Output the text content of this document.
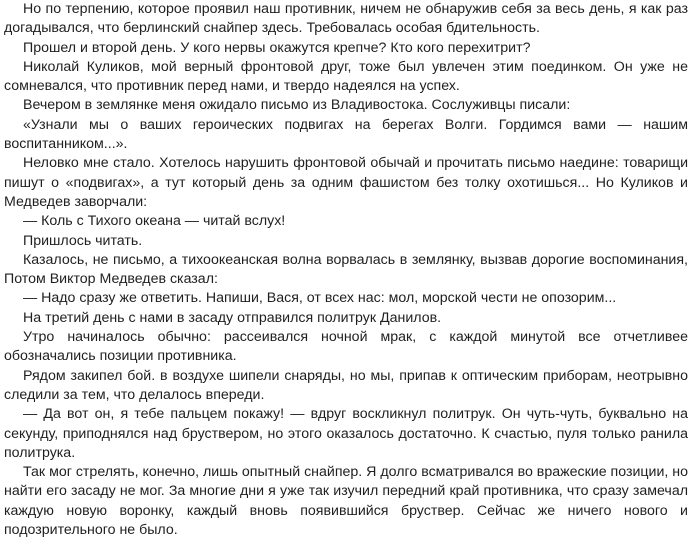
Но по терпению, которое проявил наш противник, ничем не обнаружив себя за весь день, я как раз догадывался, что берлинский снайпер здесь. Требовалась особая бдительность.

Прошел и второй день. У кого нервы окажутся крепче? Кто кого перехитрит?

Николай Куликов, мой верный фронтовой друг, тоже был увлечен этим поединком. Он уже не сомневался, что противник перед нами, и твердо надеялся на успех.

Вечером в землянке меня ожидало письмо из Владивостока. Сослуживцы писали:

«Узнали мы о ваших героических подвигах на берегах Волги. Гордимся вами — нашим воспитанником...».

Неловко мне стало. Хотелось нарушить фронтовой обычай и прочитать письмо наедине: товарищи пишут о «подвигах», а тут который день за одним фашистом без толку охотишься... Но Куликов и Медведев заворчали:

— Коль с Тихого океана — читай вслух!

Пришлось читать.

Казалось, не письмо, а тихоокеанская волна ворвалась в землянку, вызвав дорогие воспоминания, Потом Виктор Медведев сказал:

— Надо сразу же ответить. Напиши, Вася, от всех нас: мол, морской чести не опозорим...

На третий день с нами в засаду отправился политрук Данилов.

Утро начиналось обычно: рассеивался ночной мрак, с каждой минутой все отчетливее обозначались позиции противника.

Рядом закипел бой. в воздухе шипели снаряды, но мы, припав к оптическим приборам, неотрывно следили за тем, что делалось впереди.

— Да вот он, я тебе пальцем покажу! — вдруг воскликнул политрук. Он чуть-чуть, буквально на секунду, приподнялся над бруствером, но этого оказалось достаточно. К счастью, пуля только ранила политрука.

Так мог стрелять, конечно, лишь опытный снайпер. Я долго всматривался во вражеские позиции, но найти его засаду не мог. За многие дни я уже так изучил передний край противника, что сразу замечал каждую новую воронку, каждый вновь появившийся бруствер. Сейчас же ничего нового и подозрительного не было.
